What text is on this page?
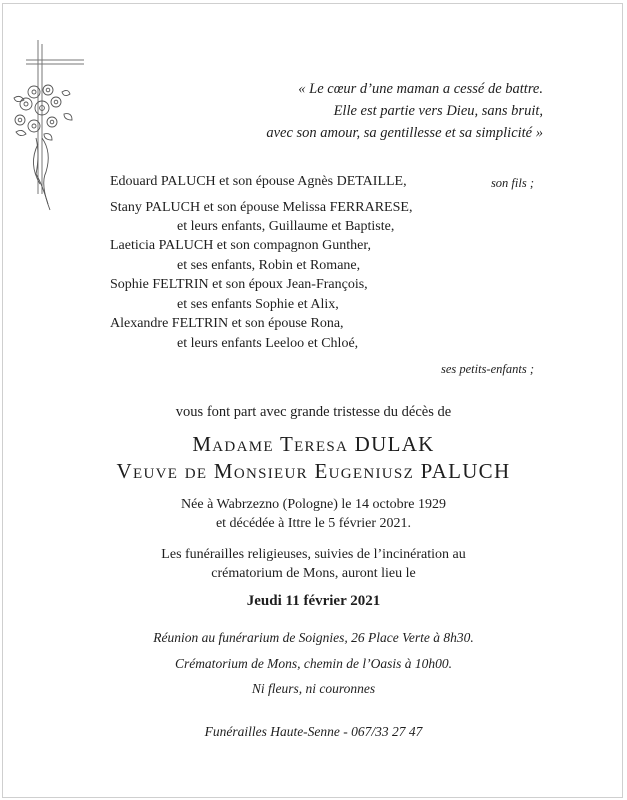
« Le cœur d’une maman a cessé de battre.
Elle est partie vers Dieu, sans bruit,
avec son amour, sa gentillesse et sa simplicité »
Edouard PALUCH et son épouse Agnès DETAILLE,	son fils ;
Stany PALUCH et son épouse Melissa FERRARESE,
et leurs enfants, Guillaume et Baptiste,
Laeticia PALUCH et son compagnon Gunther,
et ses enfants, Robin et Romane,
Sophie FELTRIN et son époux Jean-François,
et ses enfants Sophie et Alix,
Alexandre FELTRIN et son épouse Rona,
et leurs enfants Leeloo et Chloé,
ses petits-enfants ;
vous font part avec grande tristesse du décès de
Madame Teresa DULAK
Veuve de Monsieur Eugeniusz PALUCH
Née à Wabrzezno (Pologne) le 14 octobre 1929
et décédée à Ittre le 5 février 2021.
Les funérailles religieuses, suivies de l’incinération au
crématorium de Mons, auront lieu le
Jeudi 11 février 2021
Réunion au funérarium de Soignies, 26 Place Verte à 8h30.
Crématorium de Mons, chemin de l’Oasis à 10h00.
Ni fleurs, ni couronnes
Funérailles Haute-Senne - 067/33 27 47
